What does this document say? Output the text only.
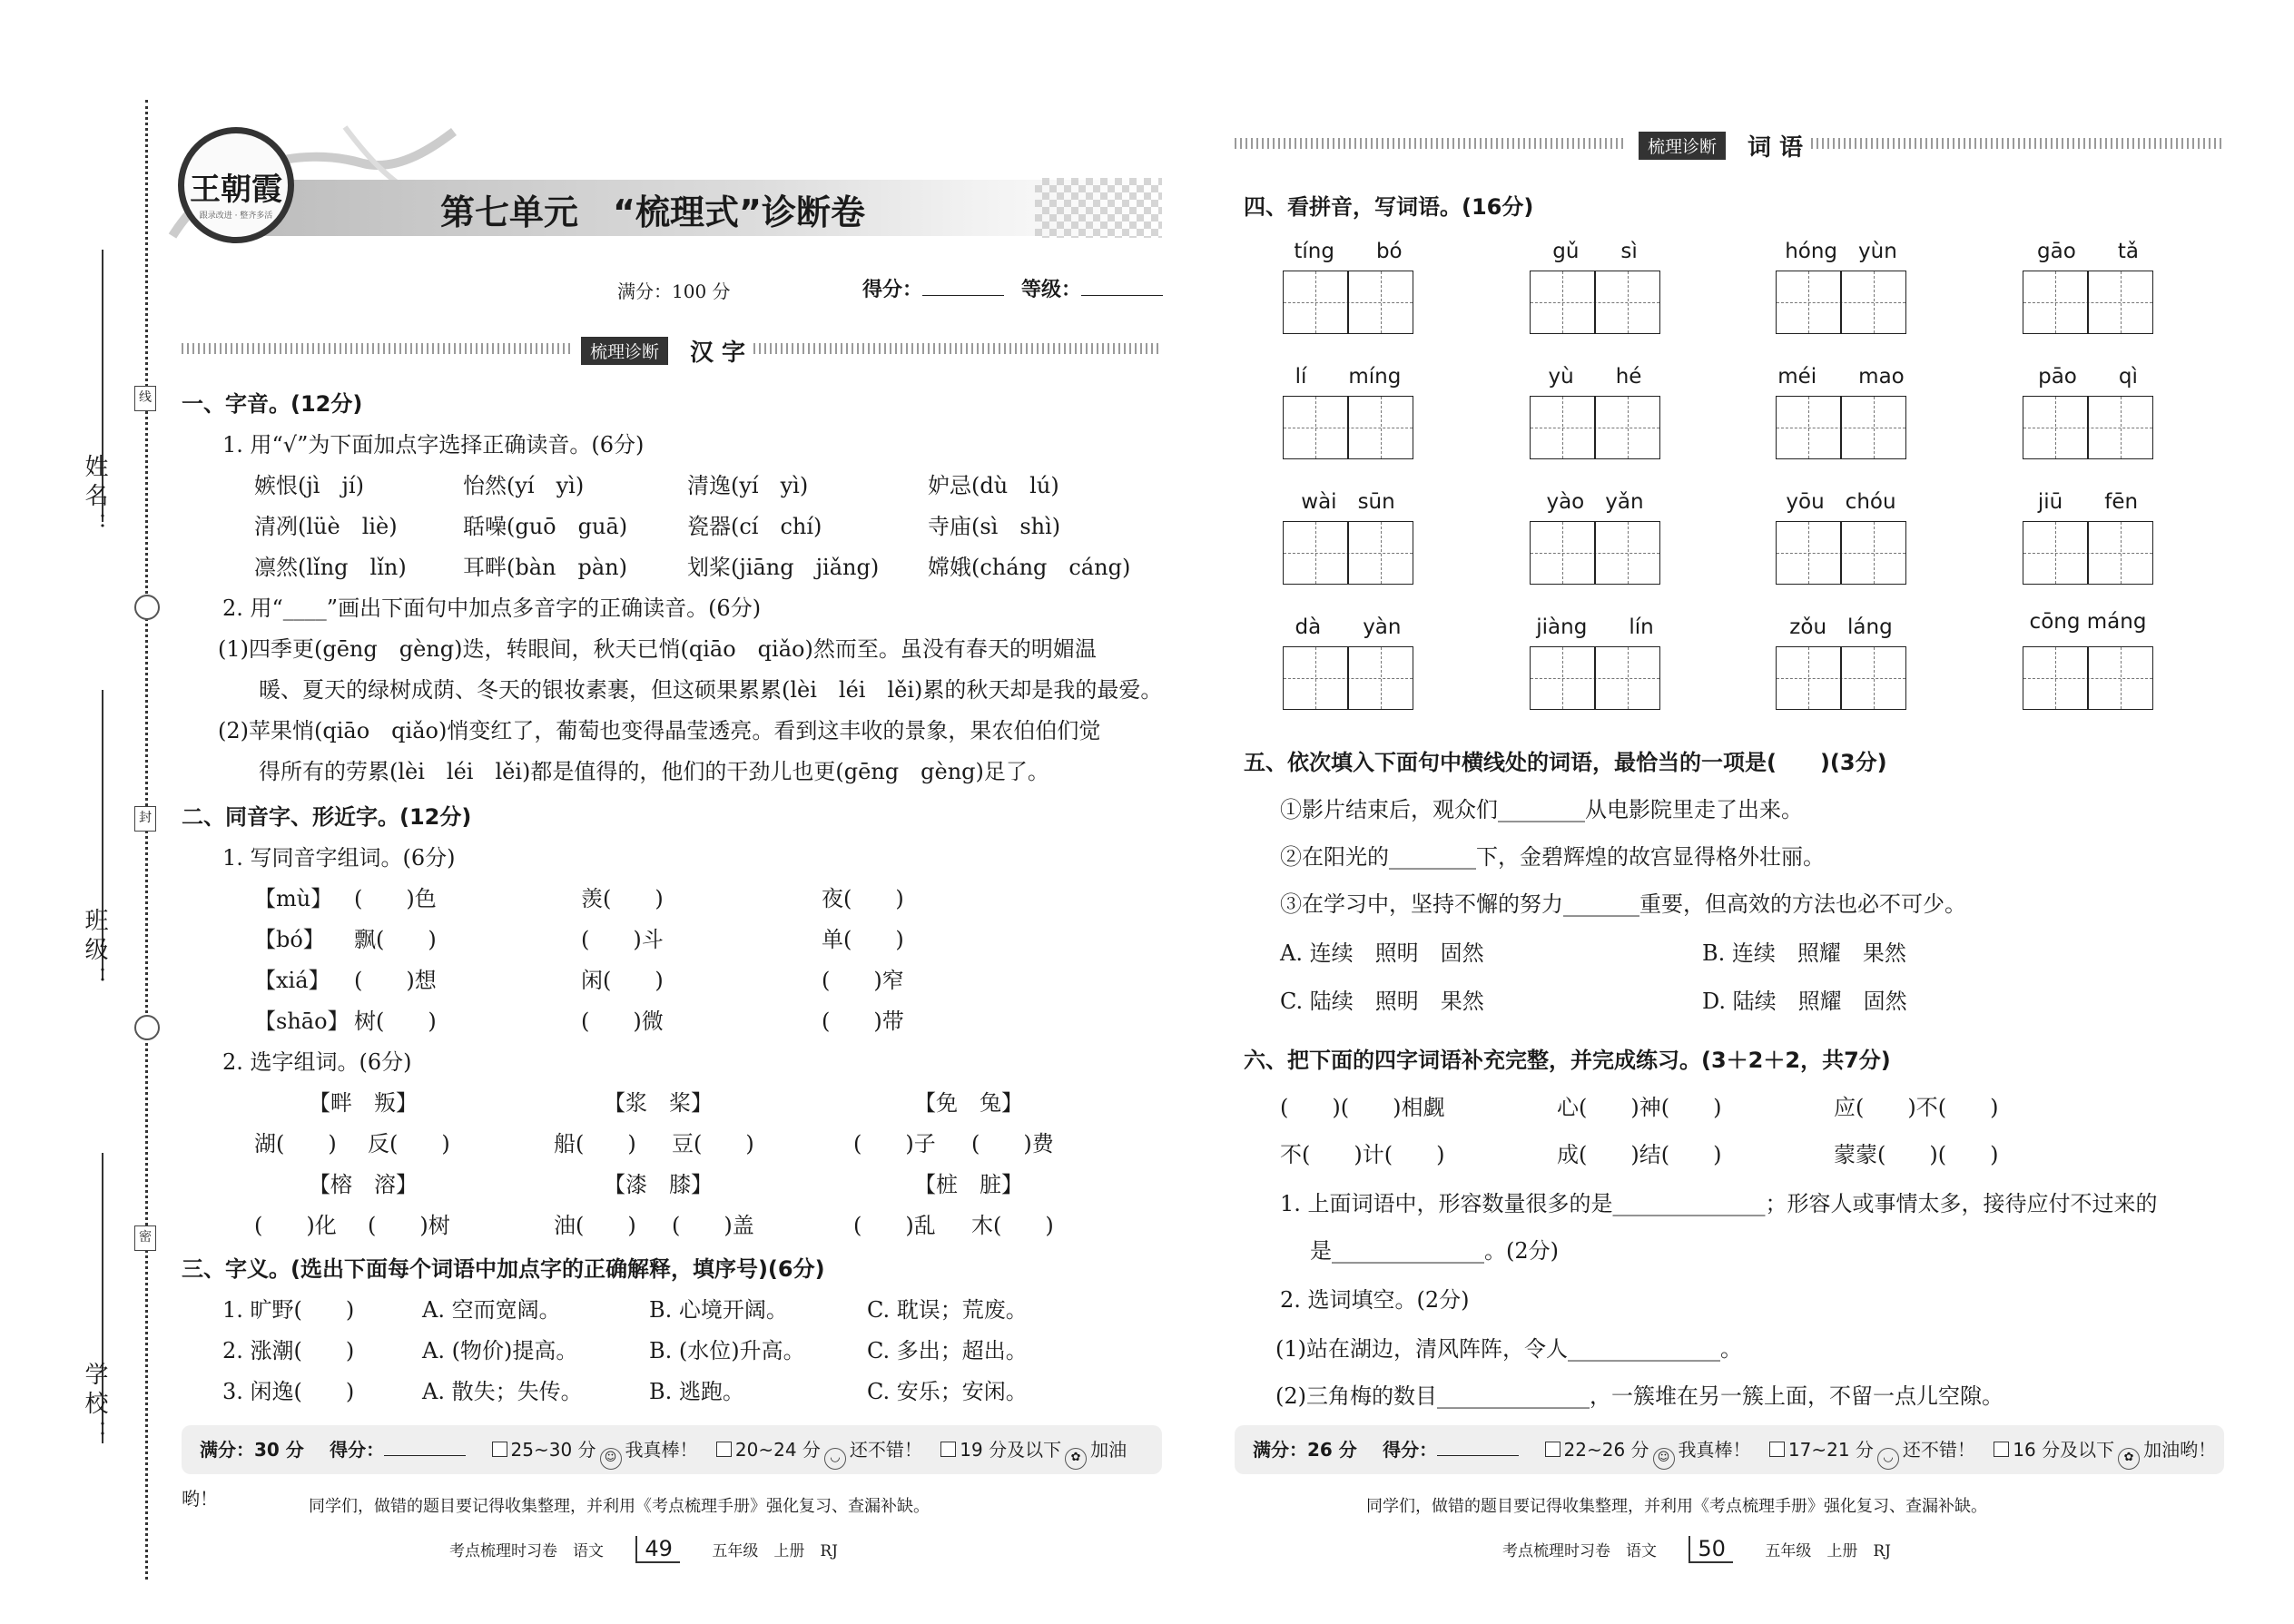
姓名：
班级：
学校：
线
封
密
王朝霞
跟录改进 · 整齐多活	第七单元　“梳理式”诊断卷
满分：100 分	得分：	等级：
梳理诊断	汉 字
一、字音。(12分)
1. 用“√”为下面加点字选择正确读音。(6分)
嫉恨(jì　jí)	怡然(yí　yì)	清逸(yí　yì)	妒忌(dù　lú)
清冽(lüè　liè)	聒噪(guō　guā)	瓷器(cí　chí)	寺庙(sì　shì)
凛然(lǐng　lǐn)	耳畔(bàn　pàn)	划桨(jiāng　jiǎng) 嫦娥(cháng　cáng)
2. 用“____”画出下面句中加点多音字的正确读音。(6分)
(1)四季更(gēng　gèng)迭，转眼间，秋天已悄(qiāo　qiǎo)然而至。虽没有春天的明媚温
暖、夏天的绿树成荫、冬天的银妆素裹，但这硕果累累(lèi　léi　lěi)累的秋天却是我的最爱。
(2)苹果悄(qiāo　qiǎo)悄变红了，葡萄也变得晶莹透亮。看到这丰收的景象，果农伯伯们觉
得所有的劳累(lèi　léi　lěi)都是值得的，他们的干劲儿也更(gēng　gèng)足了。
二、同音字、形近字。(12分)
1. 写同音字组词。(6分)
【mù】 (　　)色	羡(　　)	夜(　　)
【bó】 飘(　　)	(　　)斗	单(　　)
【xiá】 (　　)想	闲(　　)	(　　)窄
【shāo】 树(　　)	(　　)微	(　　)带
2. 选字组词。(6分)
【畔　叛】	【浆　桨】	【免　兔】
湖(　　) 反(　　)	船(　　) 豆(　　)	(　　)子 (　　)费
【榕　溶】	【漆　膝】	【桩　脏】
(　　)化 (　　)树	油(　　) (　　)盖	(　　)乱 木(　　)
三、字义。(选出下面每个词语中加点字的正确解释，填序号)(6分)
1. 旷野(　　)	A. 空而宽阔。	B. 心境开阔。	C. 耽误；荒废。
2. 涨潮(　　)	A. (物价)提高。	B. (水位)升高。	C. 多出；超出。
3. 闲逸(　　)	A. 散失；失传。	B. 逃跑。	C. 安乐；安闲。
满分：30 分 得分：	25~30 分 ☺ 我真棒！ 20~24 分 ◡ 还不错！ 19 分及以下 ✿ 加油哟！	同学们，做错的题目要记得收集整理，并利用《考点梳理手册》强化复习、查漏补缺。
考点梳理时习卷　语文 49	五年级　上册　RJ
梳理诊断	词 语
四、看拼音，写词语。(16分)
tíng　　bó	gǔ　　sì	hóng　yùn	gāo　　tǎ
lí　　míng	yù　　hé	méi　　mao	pāo　　qì
wài　sūn	yào　yǎn	yōu　chóu	jiū　　fēn
dà　　yàn	jiàng　　lín	zǒu　láng	cōng máng
五、依次填入下面句中横线处的词语，最恰当的一项是(　　)(3分)
①影片结束后，观众们________从电影院里走了出来。
②在阳光的________下，金碧辉煌的故宫显得格外壮丽。
③在学习中，坚持不懈的努力_______重要，但高效的方法也必不可少。
A. 连续　照明　固然	B. 连续　照耀　果然
C. 陆续　照明　果然	D. 陆续　照耀　固然
六、把下面的四字词语补充完整，并完成练习。(3＋2＋2，共7分)
(　　)(　　)相觑	心(　　)神(　　)	应(　　)不(　　)
不(　　)计(　　)	成(　　)结(　　)	蒙蒙(　　)(　　)
1. 上面词语中，形容数量很多的是______________；形容人或事情太多，接待应付不过来的
是______________。(2分)
2. 选词填空。(2分)
(1)站在湖边，清风阵阵，令人______________。
(2)三角梅的数目______________，一簇堆在另一簇上面，不留一点儿空隙。
满分：26 分 得分：	22~26 分 ☺ 我真棒！ 17~21 分 ◡ 还不错！ 16 分及以下 ✿ 加油哟！
同学们，做错的题目要记得收集整理，并利用《考点梳理手册》强化复习、查漏补缺。
考点梳理时习卷　语文 50	五年级　上册　RJ
